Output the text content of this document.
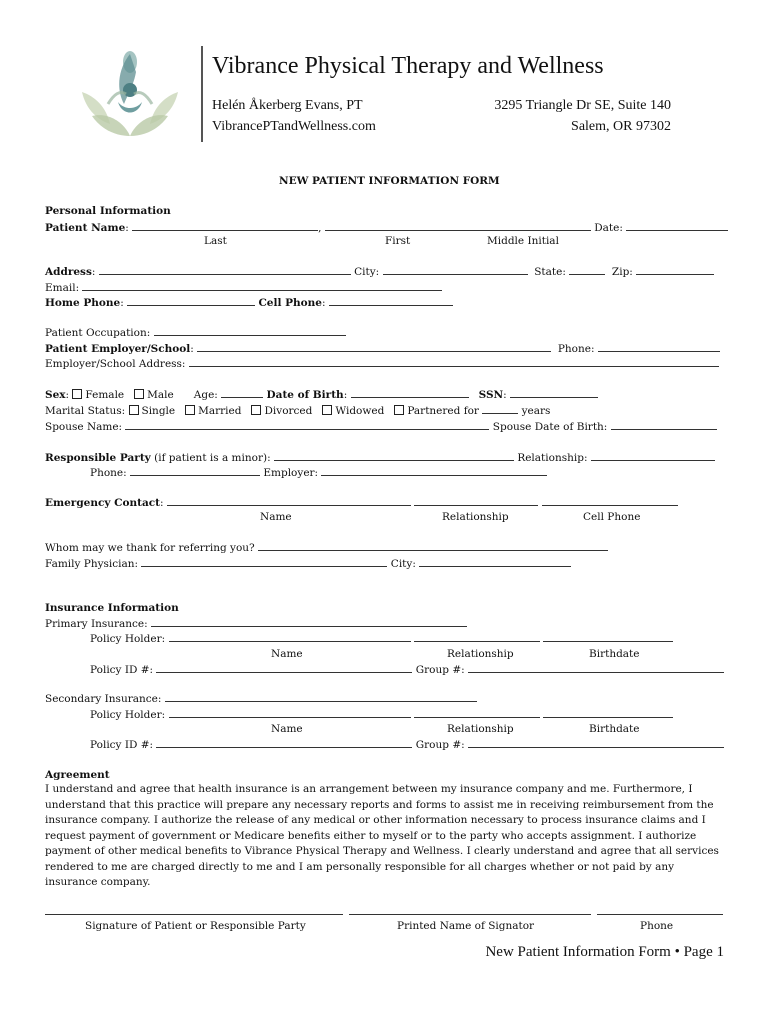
Vibrance Physical Therapy and Wellness
Helén Åkerberg Evans, PT
VibrancePTandWellness.com
3295 Triangle Dr SE, Suite 140
Salem, OR 97302
NEW PATIENT INFORMATION FORM
Personal Information
Patient Name:	,	Date:
Last	First	Middle Initial
Address:	City:	State:	Zip:
Email:
Home Phone:	Cell Phone:
Patient Occupation:
Patient Employer/School:	Phone:
Employer/School Address:
Sex: Female Male Age:	Date of Birth:	SSN:
Marital Status: Single Married Divorced Widowed Partnered for	years
Spouse Name:	Spouse Date of Birth:
Responsible Party (if patient is a minor):	Relationship:
Phone:	Employer:
Emergency Contact:
Name	Relationship	Cell Phone
Whom may we thank for referring you?
Family Physician:	City:
Insurance Information
Primary Insurance:
Policy Holder:
Name	Relationship	Birthdate
Policy ID #:	Group #:
Secondary Insurance:
Policy Holder:
Name	Relationship	Birthdate
Policy ID #:	Group #:
Agreement
I understand and agree that health insurance is an arrangement between my insurance company and me. Furthermore, I understand that this practice will prepare any necessary reports and forms to assist me in receiving reimbursement from the insurance company. I authorize the release of any medical or other information necessary to process insurance claims and I request payment of government or Medicare benefits either to myself or to the party who accepts assignment. I authorize payment of other medical benefits to Vibrance Physical Therapy and Wellness. I clearly understand and agree that all services rendered to me are charged directly to me and I am personally responsible for all charges whether or not paid by any insurance company.
Signature of Patient or Responsible Party	Printed Name of Signator	Phone
New Patient Information Form • Page 1
